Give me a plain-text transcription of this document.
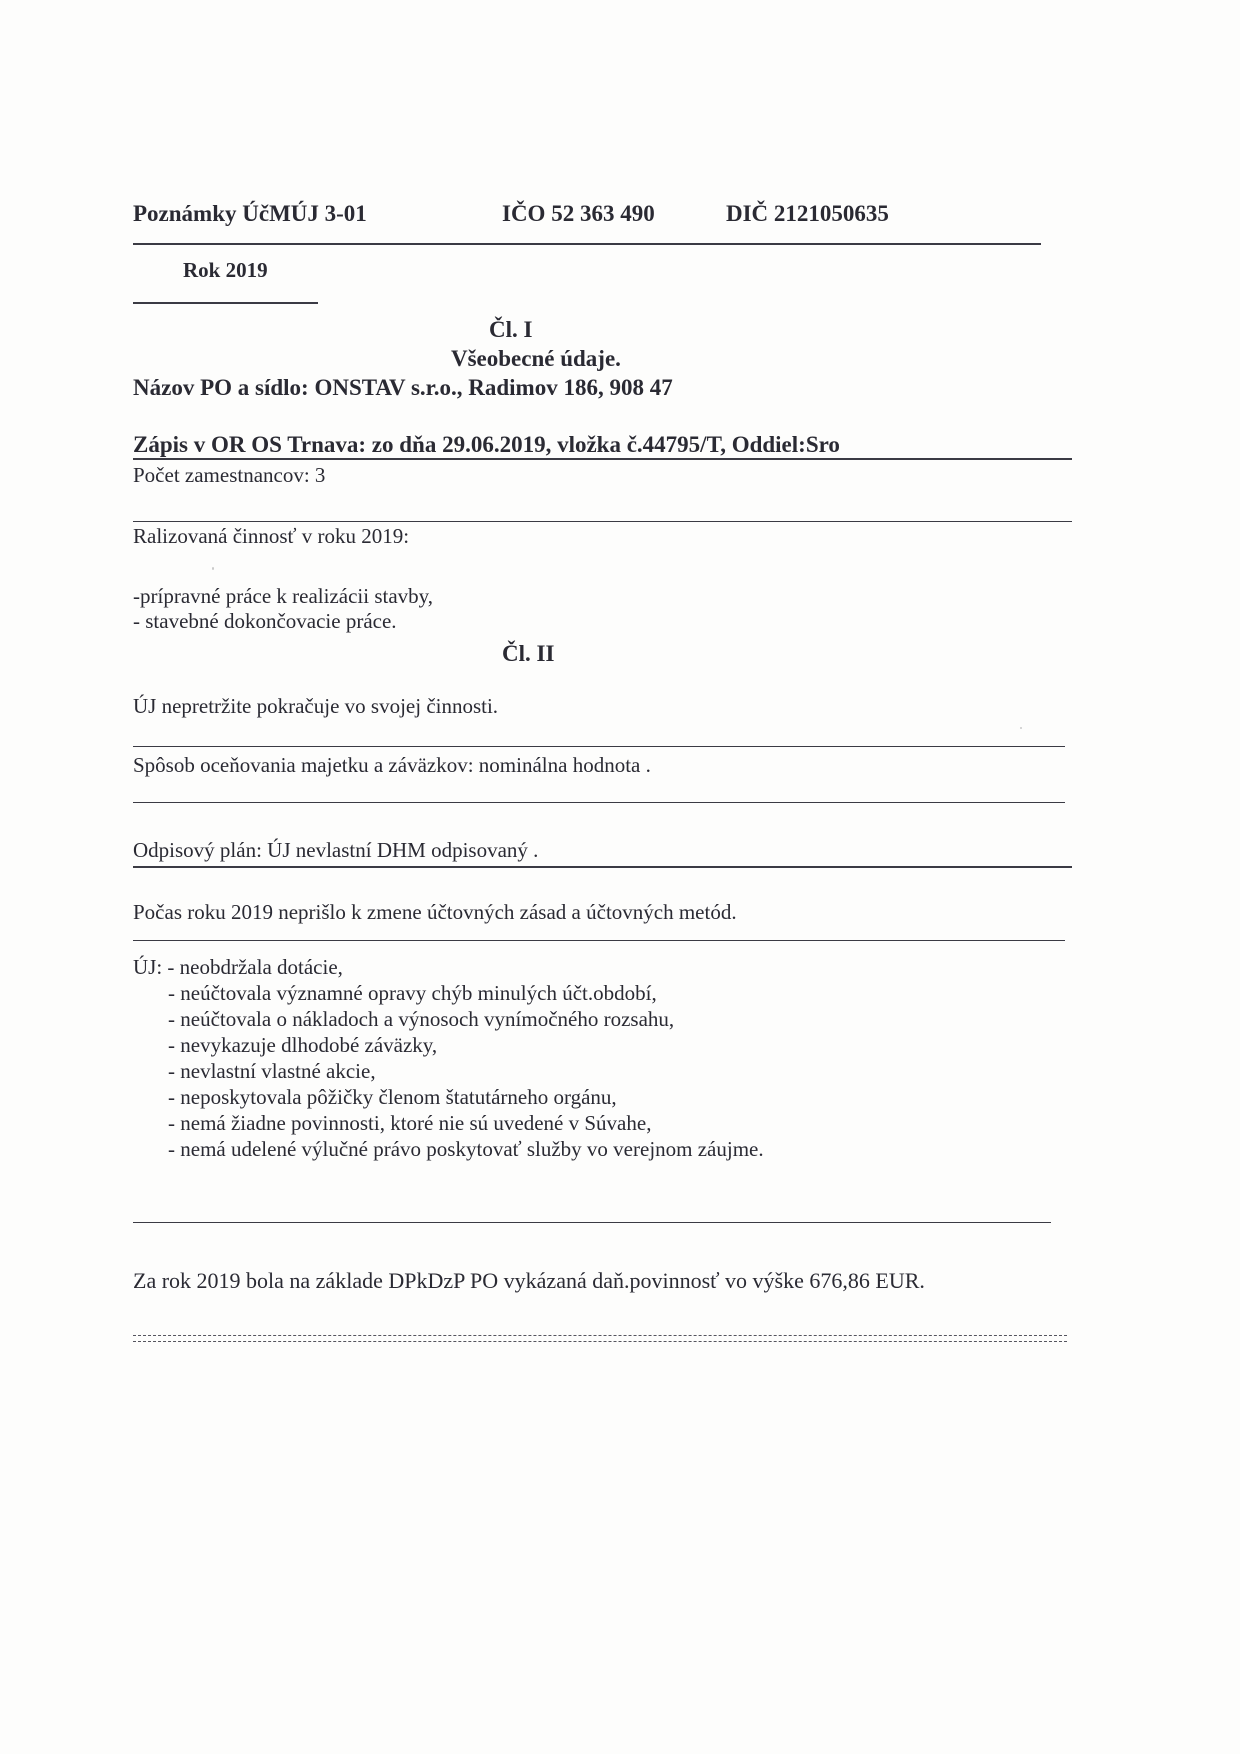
Poznámky ÚčMÚJ 3-01	IČO 52 363 490	DIČ 2121050635
Rok 2019
Čl. I
Všeobecné údaje.
Názov PO a sídlo: ONSTAV s.r.o., Radimov 186, 908 47
Zápis v OR OS Trnava: zo dňa 29.06.2019, vložka č.44795/T, Oddiel:Sro
Počet zamestnancov: 3
Ralizovaná činnosť v roku 2019:
-prípravné práce k realizácii stavby,
- stavebné dokončovacie práce.
Čl. II
ÚJ nepretržite pokračuje vo svojej činnosti.
Spôsob oceňovania majetku a záväzkov: nominálna hodnota .
Odpisový plán: ÚJ nevlastní DHM odpisovaný .
Počas roku 2019 neprišlo k zmene účtovných zásad a účtovných metód.
ÚJ: - neobdržala dotácie,
- neúčtovala významné opravy chýb minulých účt.období,
- neúčtovala o nákladoch a výnosoch vynímočného rozsahu,
- nevykazuje dlhodobé záväzky,
- nevlastní vlastné akcie,
- neposkytovala pôžičky členom štatutárneho orgánu,
- nemá žiadne povinnosti, ktoré nie sú uvedené v Súvahe,
- nemá udelené výlučné právo poskytovať služby vo verejnom záujme.
Za rok 2019 bola na základe DPkDzP PO vykázaná daň.povinnosť vo výške 676,86 EUR.
